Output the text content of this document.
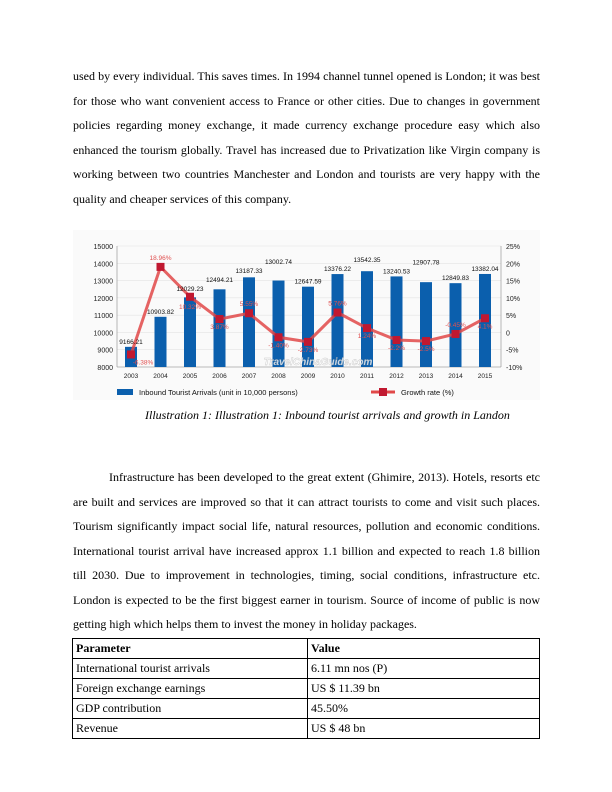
used by every individual. This saves times. In 1994 channel tunnel opened is London; it was best for those who want convenient access to France or other cities. Due to changes in government policies regarding money exchange, it made currency exchange procedure easy which also enhanced the tourism globally. Travel has increased due to Privatization like Virgin company is working between two countries Manchester and London and tourists are very happy with the quality and cheaper services of this company.

TravelChinaGuide.com
15000
14000
13000
12000
11000
10000
9000
8000
25%
20%
15%
10%
5%
0
-5%
-10%
2003 2004 2005 2006 2007 2008 2009 2010 2011 2012 2013 2014 2015
9166.21
10903.82
12029.23
12494.21
13187.33
13002.74
12647.59
13376.22
13542.35
13240.53
12907.78
12849.83
13382.04
-6.38%
18.96%
10.32%
3.87%
5.55%
-1.40%
-2.73%
5.76%
1.24%
-2.2% -2.5%
-0.45% 4.1%
Inbound Tourist Arrivals (unit in 10,000 persons)	Growth rate (%)
Illustration 1: Illustration 1: Inbound tourist arrivals and growth in Landon

Infrastructure has been developed to the great extent (Ghimire, 2013). Hotels, resorts etc are built and services are improved so that it can attract tourists to come and visit such places. Tourism significantly impact social life, natural resources, pollution and economic conditions. International tourist arrival have increased approx 1.1 billion and expected to reach 1.8 billion till 2030. Due to improvement in technologies, timing, social conditions, infrastructure etc. London is expected to be the first biggest earner in tourism. Source of income of public is now getting high which helps them to invest the money in holiday packages.

Parameter	Value
International tourist arrivals	6.11 mn nos (P)
Foreign exchange earnings	US $ 11.39 bn
GDP contribution	45.50%
Revenue	US $ 48 bn
